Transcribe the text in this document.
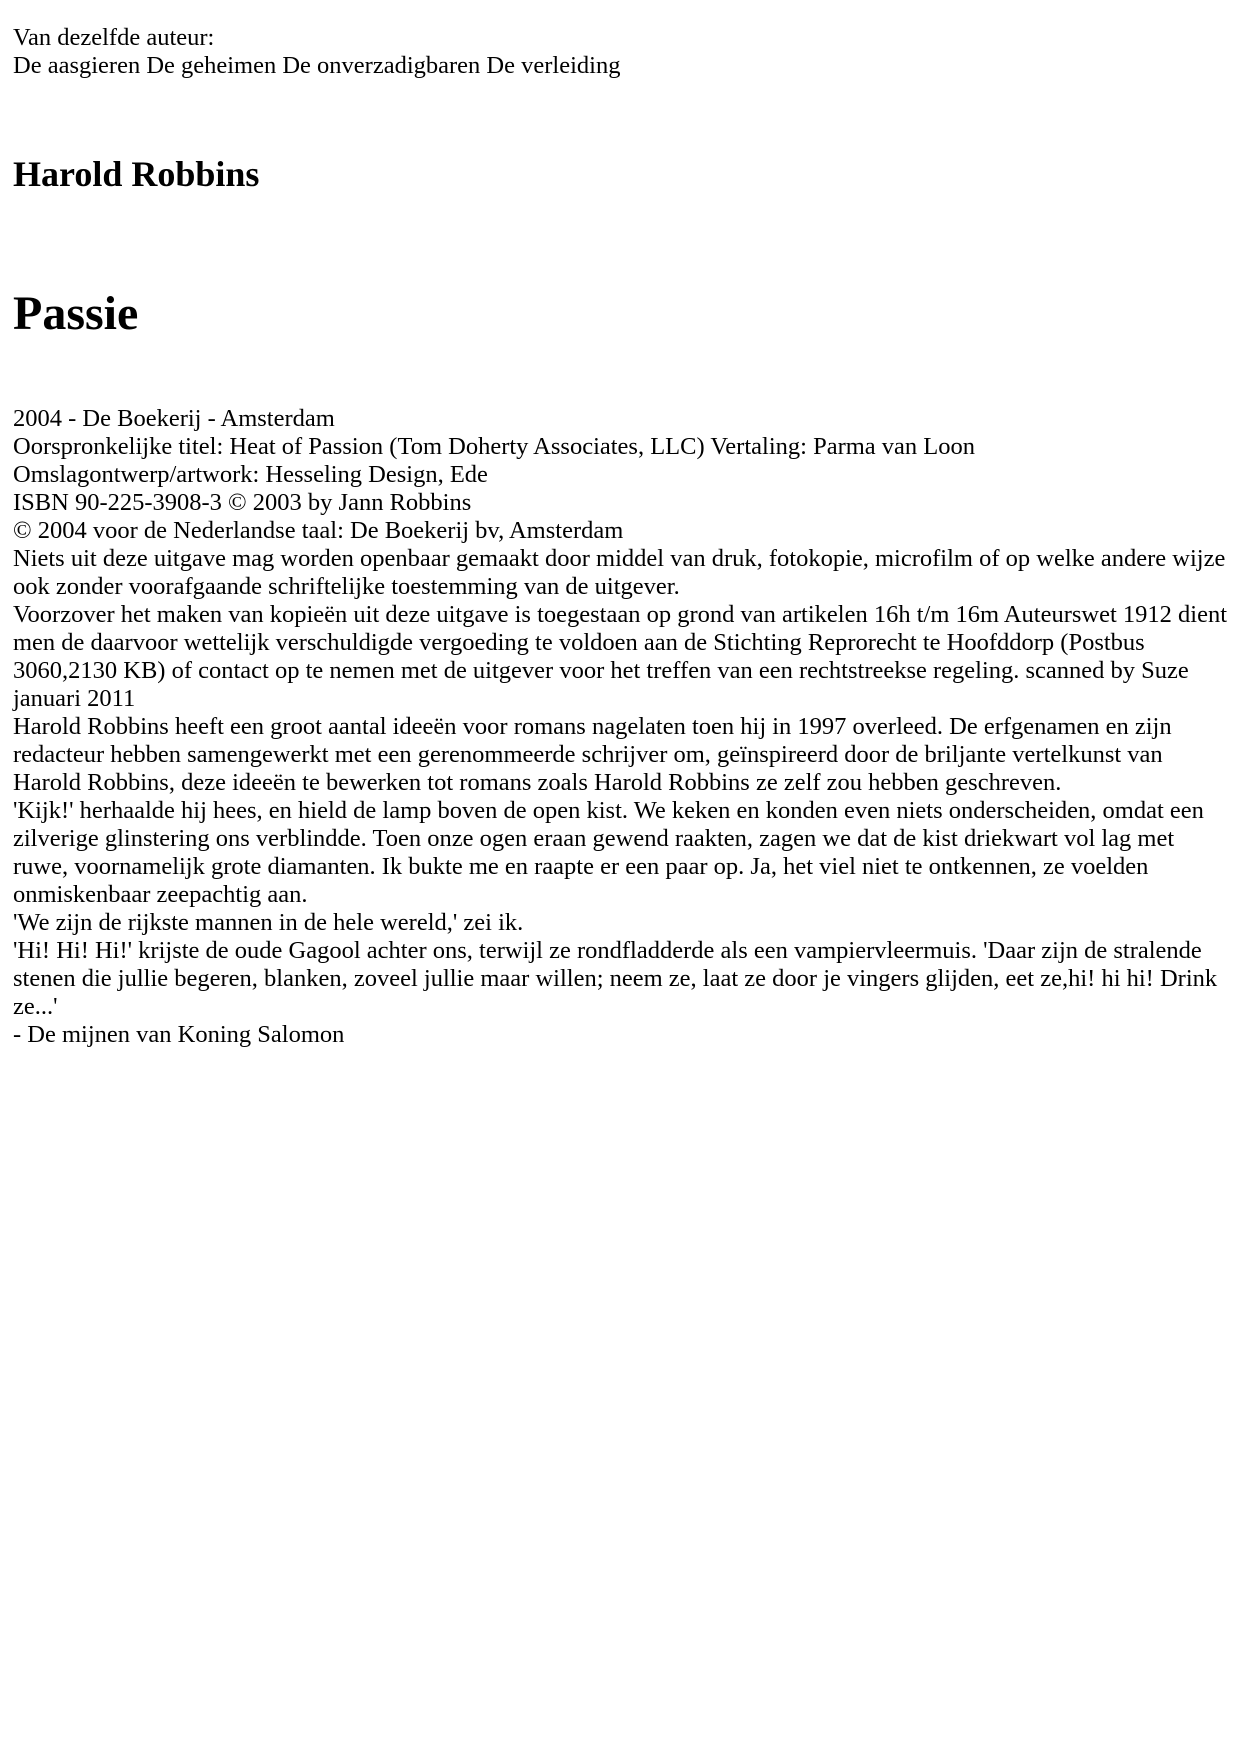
Van dezelfde auteur:

De aasgieren De geheimen De onverzadigbaren De verleiding

Harold Robbins
Passie

2004 - De Boekerij - Amsterdam

Oorspronkelijke titel: Heat of Passion (Tom Doherty Associates, LLC) Vertaling: Parma van Loon

Omslagontwerp/artwork: Hesseling Design, Ede

ISBN 90-225-3908-3 © 2003 by Jann Robbins

© 2004 voor de Nederlandse taal: De Boekerij bv, Amsterdam

Niets uit deze uitgave mag worden openbaar gemaakt door middel van druk, fotokopie, microfilm of op welke andere wijze ook zonder voorafgaande schriftelijke toestemming van de uitgever.

Voorzover het maken van kopieën uit deze uitgave is toegestaan op grond van artikelen 16h t/m 16m Auteurswet 1912 dient men de daarvoor wettelijk verschuldigde vergoeding te voldoen aan de Stichting Reprorecht te Hoofddorp (Postbus 3060,2130 KB) of contact op te nemen met de uitgever voor het treffen van een rechtstreekse regeling. scanned by Suze januari 2011

Harold Robbins heeft een groot aantal ideeën voor romans nagelaten toen hij in 1997 overleed. De erfgenamen en zijn redacteur hebben samengewerkt met een gerenommeerde schrijver om, geïnspireerd door de briljante vertelkunst van Harold Robbins, deze ideeën te bewerken tot romans zoals Harold Robbins ze zelf zou hebben geschreven.

'Kijk!' herhaalde hij hees, en hield de lamp boven de open kist. We keken en konden even niets onderscheiden, omdat een zilverige glinstering ons verblindde. Toen onze ogen eraan gewend raakten, zagen we dat de kist driekwart vol lag met ruwe, voornamelijk grote diamanten. Ik bukte me en raapte er een paar op. Ja, het viel niet te ontkennen, ze voelden onmiskenbaar zeepachtig aan.

'We zijn de rijkste mannen in de hele wereld,' zei ik.

'Hi! Hi! Hi!' krijste de oude Gagool achter ons, terwijl ze rondfladderde als een vampiervleermuis. 'Daar zijn de stralende stenen die jullie begeren, blanken, zoveel jullie maar willen; neem ze, laat ze door je vingers glijden, eet ze,hi! hi hi! Drink ze...'

- De mijnen van Koning Salomon
